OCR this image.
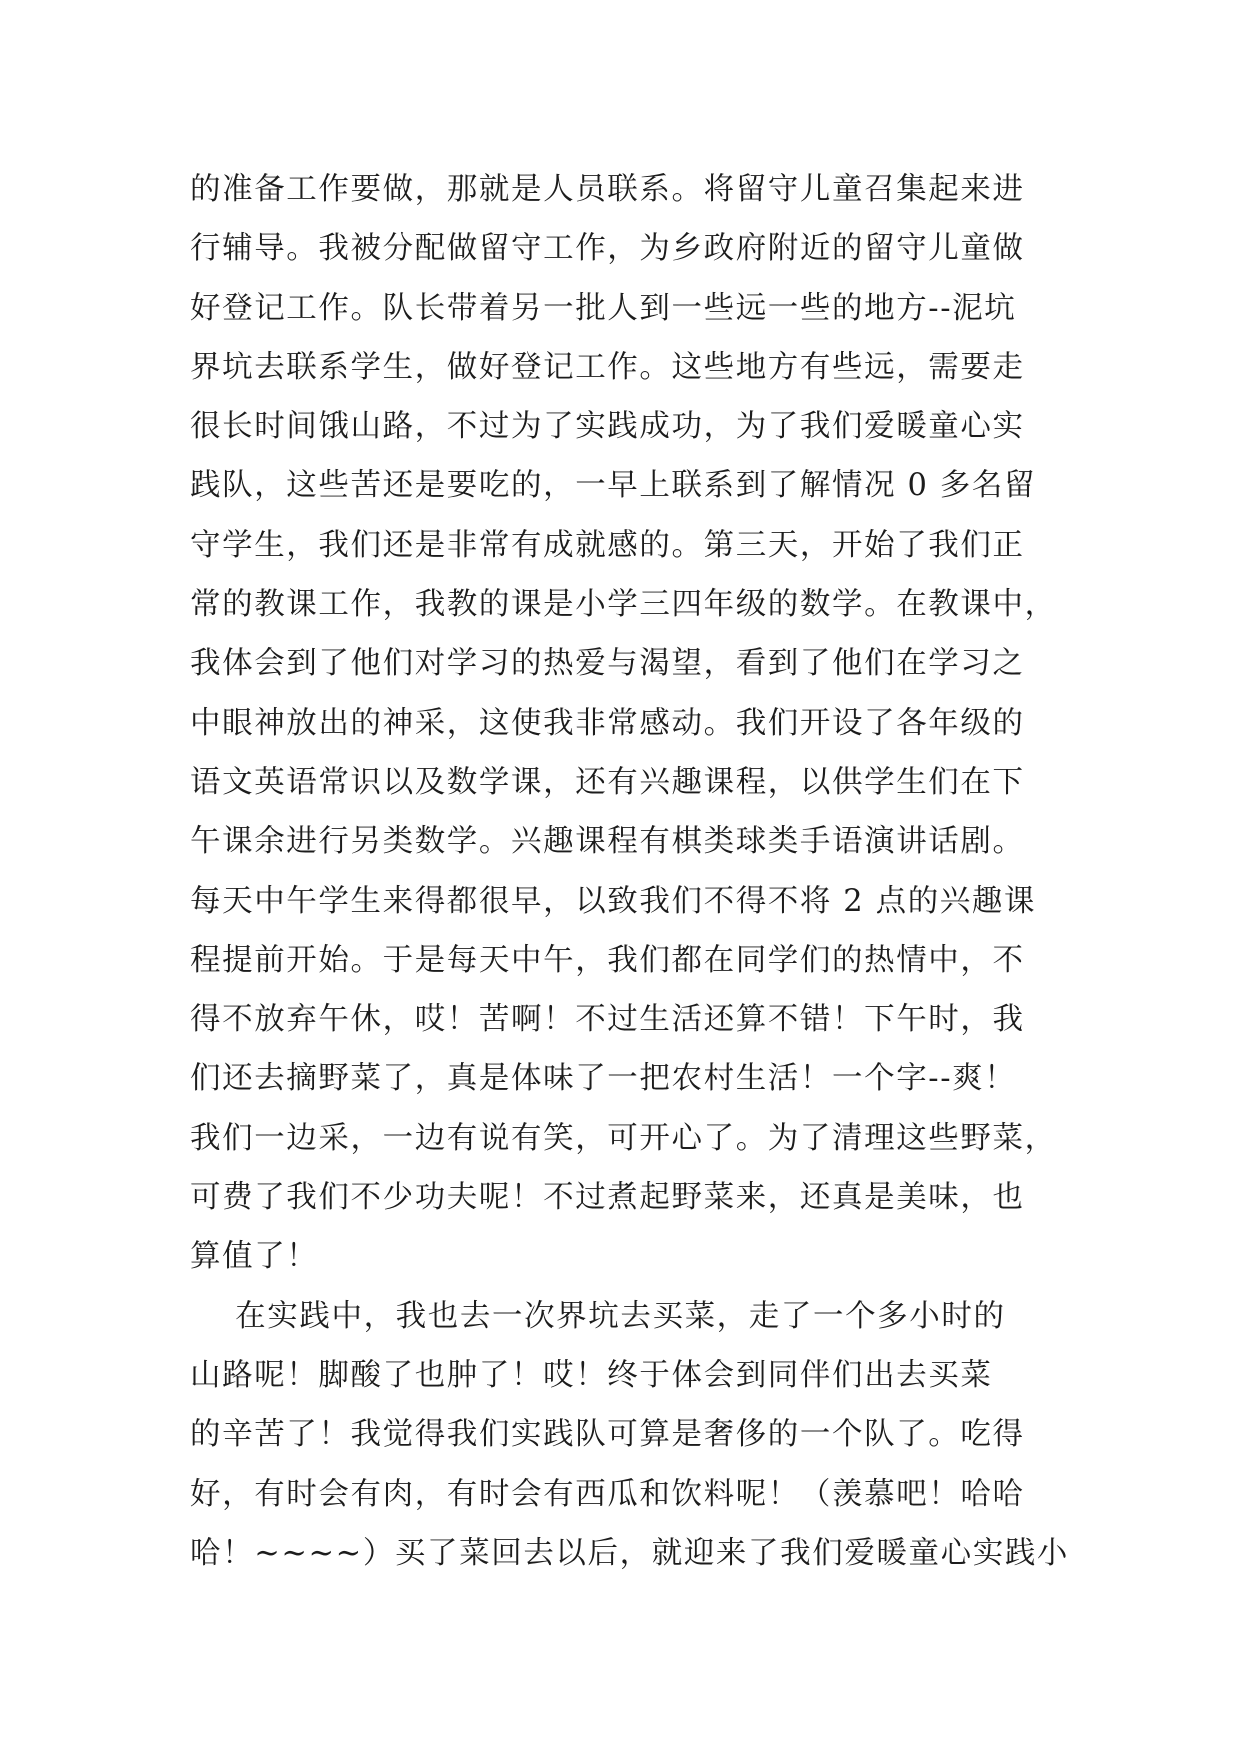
的准备工作要做，那就是人员联系。将留守儿童召集起来进
行辅导。我被分配做留守工作，为乡政府附近的留守儿童做
好登记工作。队长带着另一批人到一些远一些的地方--泥坑
界坑去联系学生，做好登记工作。这些地方有些远，需要走
很长时间饿山路，不过为了实践成功，为了我们爱暖童心实
践队，这些苦还是要吃的，一早上联系到了解情况 0 多名留
守学生，我们还是非常有成就感的。第三天，开始了我们正
常的教课工作，我教的课是小学三四年级的数学。在教课中，
我体会到了他们对学习的热爱与渴望，看到了他们在学习之
中眼神放出的神采，这使我非常感动。我们开设了各年级的
语文英语常识以及数学课，还有兴趣课程，以供学生们在下
午课余进行另类数学。兴趣课程有棋类球类手语演讲话剧。
每天中午学生来得都很早，以致我们不得不将 2 点的兴趣课
程提前开始。于是每天中午，我们都在同学们的热情中，不
得不放弃午休，哎！苦啊！不过生活还算不错！下午时，我
们还去摘野菜了，真是体味了一把农村生活！一个字--爽！
我们一边采，一边有说有笑，可开心了。为了清理这些野菜，
可费了我们不少功夫呢！不过煮起野菜来，还真是美味，也
算值了！
在实践中，我也去一次界坑去买菜，走了一个多小时的
山路呢！脚酸了也肿了！哎！终于体会到同伴们出去买菜
的辛苦了！我觉得我们实践队可算是奢侈的一个队了。吃得
好，有时会有肉，有时会有西瓜和饮料呢！（羡慕吧！哈哈
哈！~~~~）买了菜回去以后，就迎来了我们爱暖童心实践小
